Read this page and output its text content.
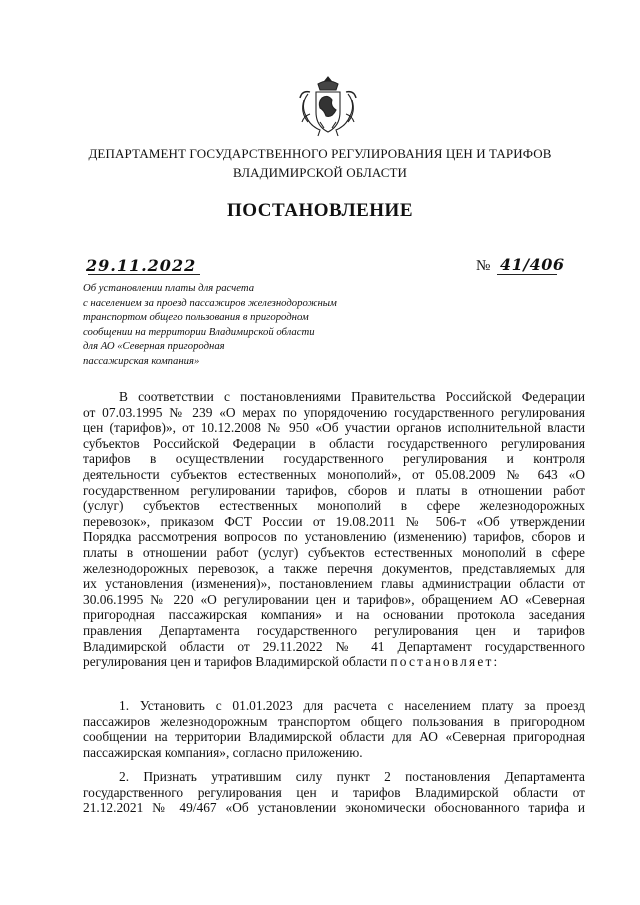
ДЕПАРТАМЕНТ ГОСУДАРСТВЕННОГО РЕГУЛИРОВАНИЯ ЦЕН И ТАРИФОВ
ВЛАДИМИРСКОЙ ОБЛАСТИ
ПОСТАНОВЛЕНИЕ
29.11.2022	№ 41/406
Об установлении платы для расчета
с населением за проезд пассажиров железнодорожным
транспортом общего пользования в пригородном
сообщении на территории Владимирской области
для АО «Северная пригородная
пассажирская компания»
В соответствии с постановлениями Правительства Российской Федерации
от 07.03.1995 № 239 «О мерах по упорядочению государственного регулирования
цен (тарифов)», от 10.12.2008 № 950 «Об участии органов исполнительной власти
субъектов Российской Федерации в области государственного регулирования
тарифов в осуществлении государственного регулирования и контроля
деятельности субъектов естественных монополий», от 05.08.2009 № 643 «О
государственном регулировании тарифов, сборов и платы в отношении работ
(услуг) субъектов естественных монополий в сфере железнодорожных
перевозок», приказом ФСТ России от 19.08.2011 № 506-т «Об утверждении
Порядка рассмотрения вопросов по установлению (изменению) тарифов, сборов и
платы в отношении работ (услуг) субъектов естественных монополий в сфере
железнодорожных перевозок, а также перечня документов, представляемых для
их установления (изменения)», постановлением главы администрации области от
30.06.1995 № 220 «О регулировании цен и тарифов», обращением АО «Северная
пригородная пассажирская компания» и на основании протокола заседания
правления Департамента государственного регулирования цен и тарифов
Владимирской области от 29.11.2022 № 41 Департамент государственного
регулирования цен и тарифов Владимирской области постановляет:
1. Установить с 01.01.2023 для расчета с населением плату за проезд
пассажиров железнодорожным транспортом общего пользования в пригородном
сообщении на территории Владимирской области для АО «Северная пригородная
пассажирская компания», согласно приложению.
2. Признать утратившим силу пункт 2 постановления Департамента
государственного регулирования цен и тарифов Владимирской области от
21.12.2021 № 49/467 «Об установлении экономически обоснованного тарифа и
